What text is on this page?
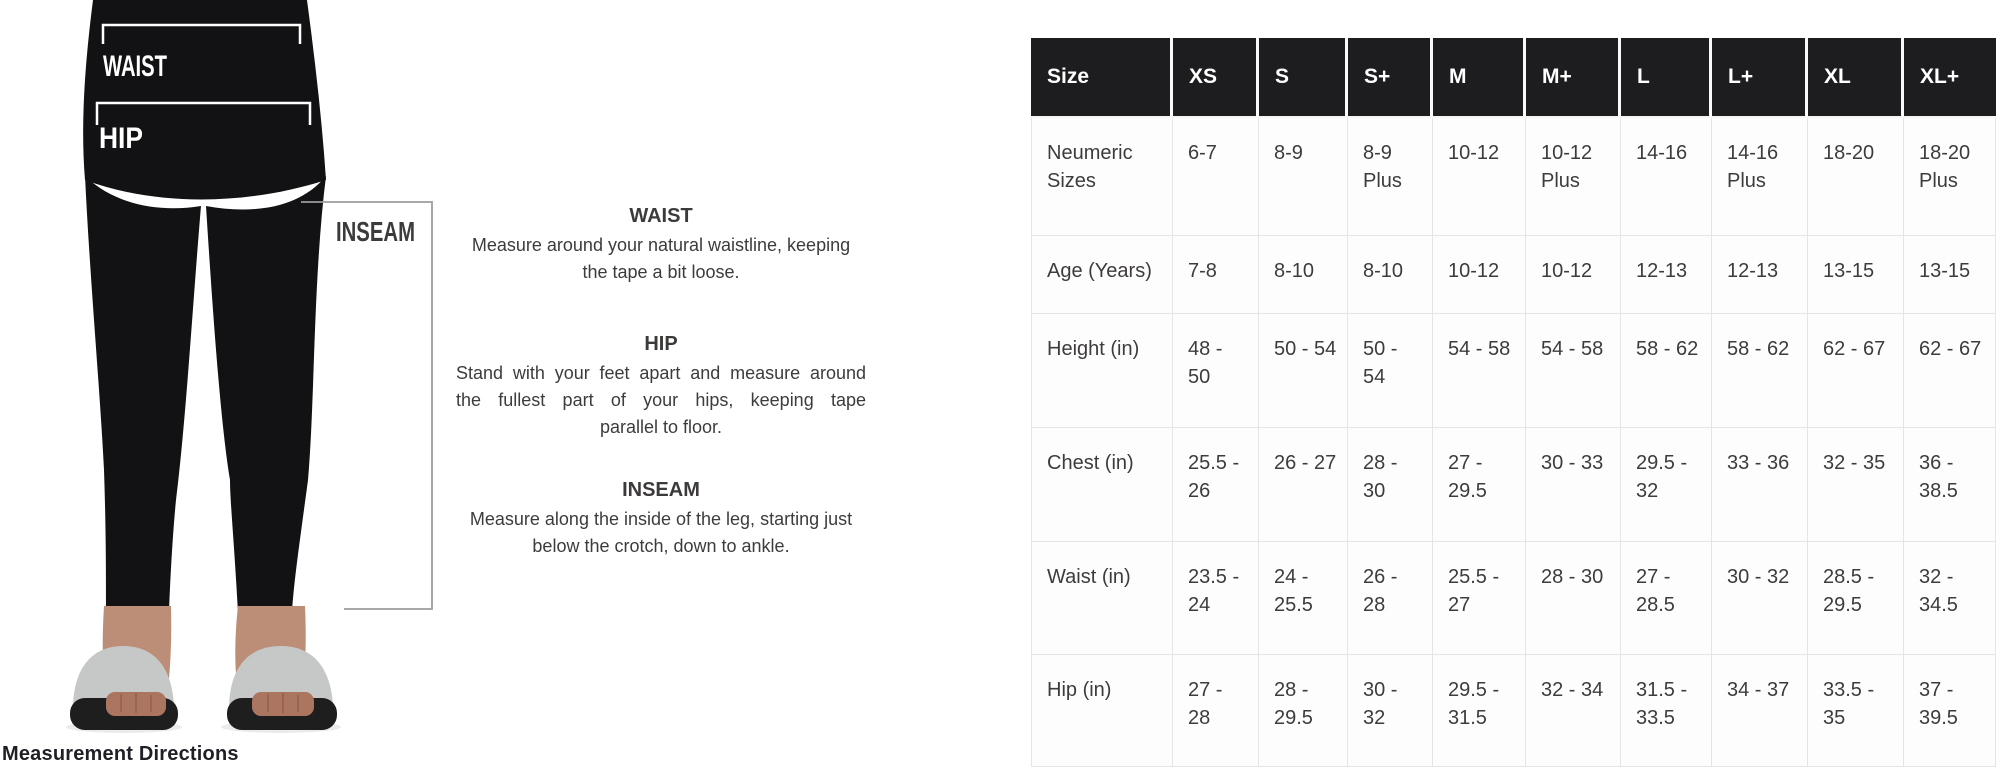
WAIST
HIP
INSEAM
Measurement Directions
WAIST
Measure around your natural waistline, keeping
the tape a bit loose.
HIP
Stand with your feet apart and measure around
the fullest part of your hips, keeping tape
parallel to floor.
INSEAM
Measure along the inside of the leg, starting just
below the crotch, down to ankle.
Size	XS	S	S+	M	M+	L	L+	XL	XL+
Neumeric Sizes	6-7	8-9	8-9 Plus	10-12	10-12 Plus	14-16	14-16 Plus	18-20	18-20 Plus
Age (Years)	7-8	8-10	8-10	10-12	10-12	12-13	12-13	13-15	13-15
Height (in)	48 - 50	50 - 54	50 - 54	54 - 58	54 - 58	58 - 62	58 - 62	62 - 67	62 - 67
Chest (in)	25.5 - 26	26 - 27	28 - 30	27 - 29.5	30 - 33	29.5 - 32	33 - 36	32 - 35	36 - 38.5
Waist (in)	23.5 - 24	24 - 25.5	26 - 28	25.5 - 27	28 - 30	27 - 28.5	30 - 32	28.5 - 29.5	32 - 34.5
Hip (in)	27 - 28	28 - 29.5	30 - 32	29.5 - 31.5	32 - 34	31.5 - 33.5	34 - 37	33.5 - 35	37 - 39.5
